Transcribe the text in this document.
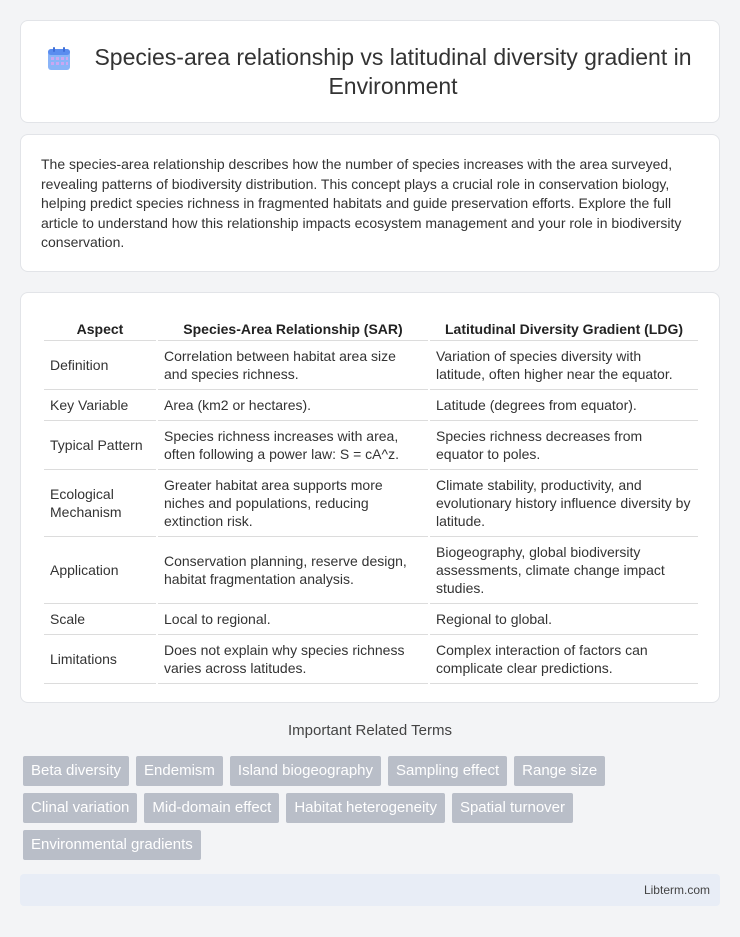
Species-area relationship vs latitudinal diversity gradient in Environment

The species-area relationship describes how the number of species increases with the area surveyed, revealing patterns of biodiversity distribution. This concept plays a crucial role in conservation biology, helping predict species richness in fragmented habitats and guide preservation efforts. Explore the full article to understand how this relationship impacts ecosystem management and your role in biodiversity conservation.

Aspect	Species-Area Relationship (SAR)	Latitudinal Diversity Gradient (LDG)
Definition	Correlation between habitat area size and species richness.	Variation of species diversity with latitude, often higher near the equator.
Key Variable	Area (km2 or hectares).	Latitude (degrees from equator).
Typical Pattern	Species richness increases with area, often following a power law: S = cA^z.	Species richness decreases from equator to poles.
Ecological Mechanism	Greater habitat area supports more niches and populations, reducing extinction risk.	Climate stability, productivity, and evolutionary history influence diversity by latitude.
Application	Conservation planning, reserve design, habitat fragmentation analysis.	Biogeography, global biodiversity assessments, climate change impact studies.
Scale	Local to regional.	Regional to global.
Limitations	Does not explain why species richness varies across latitudes.	Complex interaction of factors can complicate clear predictions.
Important Related Terms
Beta diversity	Endemism	Island biogeography	Sampling effect	Range size
Clinal variation	Mid-domain effect	Habitat heterogeneity	Spatial turnover
Environmental gradients
Libterm.com
